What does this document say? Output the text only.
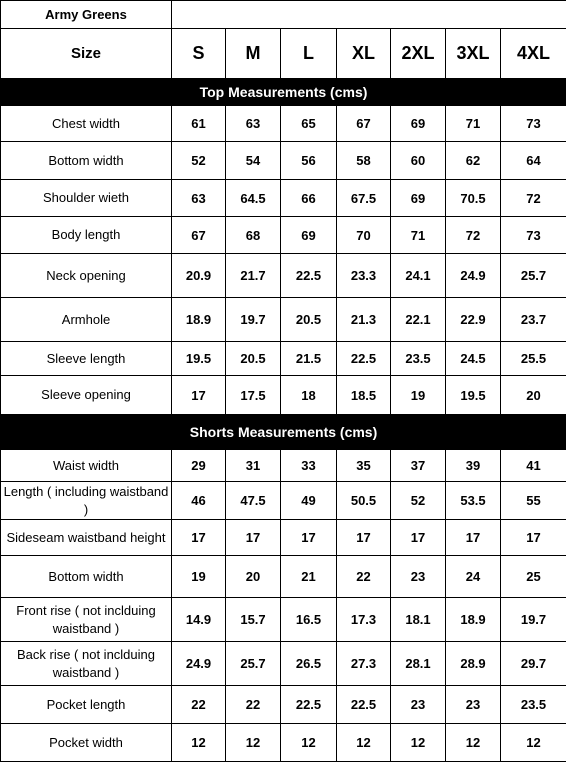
Army Greens							
Size	S	M	L	XL	2XL	3XL	4XL
Top Measurements (cms)							
Chest width	61	63	65	67	69	71	73
Bottom width	52	54	56	58	60	62	64
Shoulder wieth	63	64.5	66	67.5	69	70.5	72
Body length	67	68	69	70	71	72	73
Neck opening	20.9	21.7	22.5	23.3	24.1	24.9	25.7
Armhole	18.9	19.7	20.5	21.3	22.1	22.9	23.7
Sleeve length	19.5	20.5	21.5	22.5	23.5	24.5	25.5
Sleeve opening	17	17.5	18	18.5	19	19.5	20
Shorts Measurements (cms)							
Waist width	29	31	33	35	37	39	41
Length ( including waistband )	46	47.5	49	50.5	52	53.5	55
Sideseam waistband height	17	17	17	17	17	17	17
Bottom width	19	20	21	22	23	24	25
Front rise ( not inclduing waistband )	14.9	15.7	16.5	17.3	18.1	18.9	19.7
Back rise ( not inclduing waistband )	24.9	25.7	26.5	27.3	28.1	28.9	29.7
Pocket length	22	22	22.5	22.5	23	23	23.5
Pocket width	12	12	12	12	12	12	12
